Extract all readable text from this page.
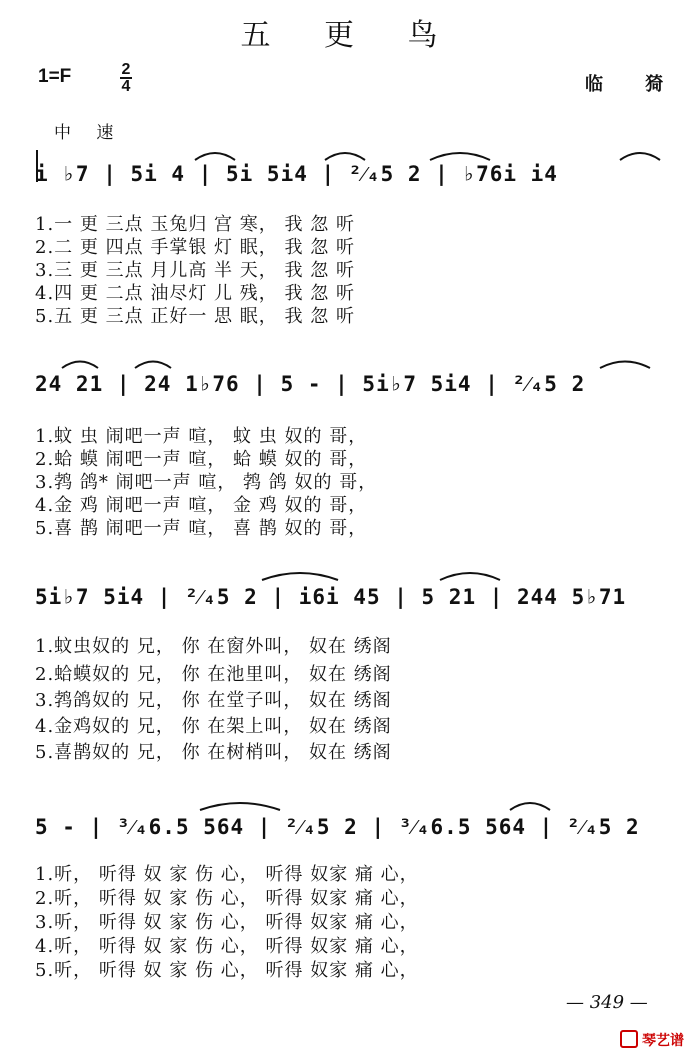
五 更 鸟
1=F	2
4	临 猗
中 速
i ♭7 | 5i 4 | 5i 5i4 | ²⁄₄5 2 | ♭76i i4
1.一 更 三点 玉兔归 宫 寒， 我 忽 听
2.二 更 四点 手掌银 灯 眠， 我 忽 听
3.三 更 三点 月儿高 半 天， 我 忽 听
4.四 更 二点 油尽灯 儿 残， 我 忽 听
5.五 更 三点 正好一 思 眠， 我 忽 听
24 21 | 24 1♭76 | 5 - | 5i♭7 5i4 | ²⁄₄5 2
1.蚊 虫 闹吧一声 喧， 蚊 虫 奴的 哥，
2.蛤 蟆 闹吧一声 喧， 蛤 蟆 奴的 哥，
3.鹁 鸽* 闹吧一声 喧， 鹁 鸽 奴的 哥，
4.金 鸡 闹吧一声 喧， 金 鸡 奴的 哥，
5.喜 鹊 闹吧一声 喧， 喜 鹊 奴的 哥，
5i♭7 5i4 | ²⁄₄5 2 | i6i 45 | 5 21 | 244 5♭71
1.蚊虫奴的 兄， 你 在窗外叫， 奴在 绣阁
2.蛤蟆奴的 兄， 你 在池里叫， 奴在 绣阁
3.鹁鸽奴的 兄， 你 在堂子叫， 奴在 绣阁
4.金鸡奴的 兄， 你 在架上叫， 奴在 绣阁
5.喜鹊奴的 兄， 你 在树梢叫， 奴在 绣阁
5 - | ³⁄₄6.5 564 | ²⁄₄5 2 | ³⁄₄6.5 564 | ²⁄₄5 2
1.听， 听得 奴 家 伤 心， 听得 奴家 痛 心，
2.听， 听得 奴 家 伤 心， 听得 奴家 痛 心，
3.听， 听得 奴 家 伤 心， 听得 奴家 痛 心，
4.听， 听得 奴 家 伤 心， 听得 奴家 痛 心，
5.听， 听得 奴 家 伤 心， 听得 奴家 痛 心，
— 349 —
琴艺谱
